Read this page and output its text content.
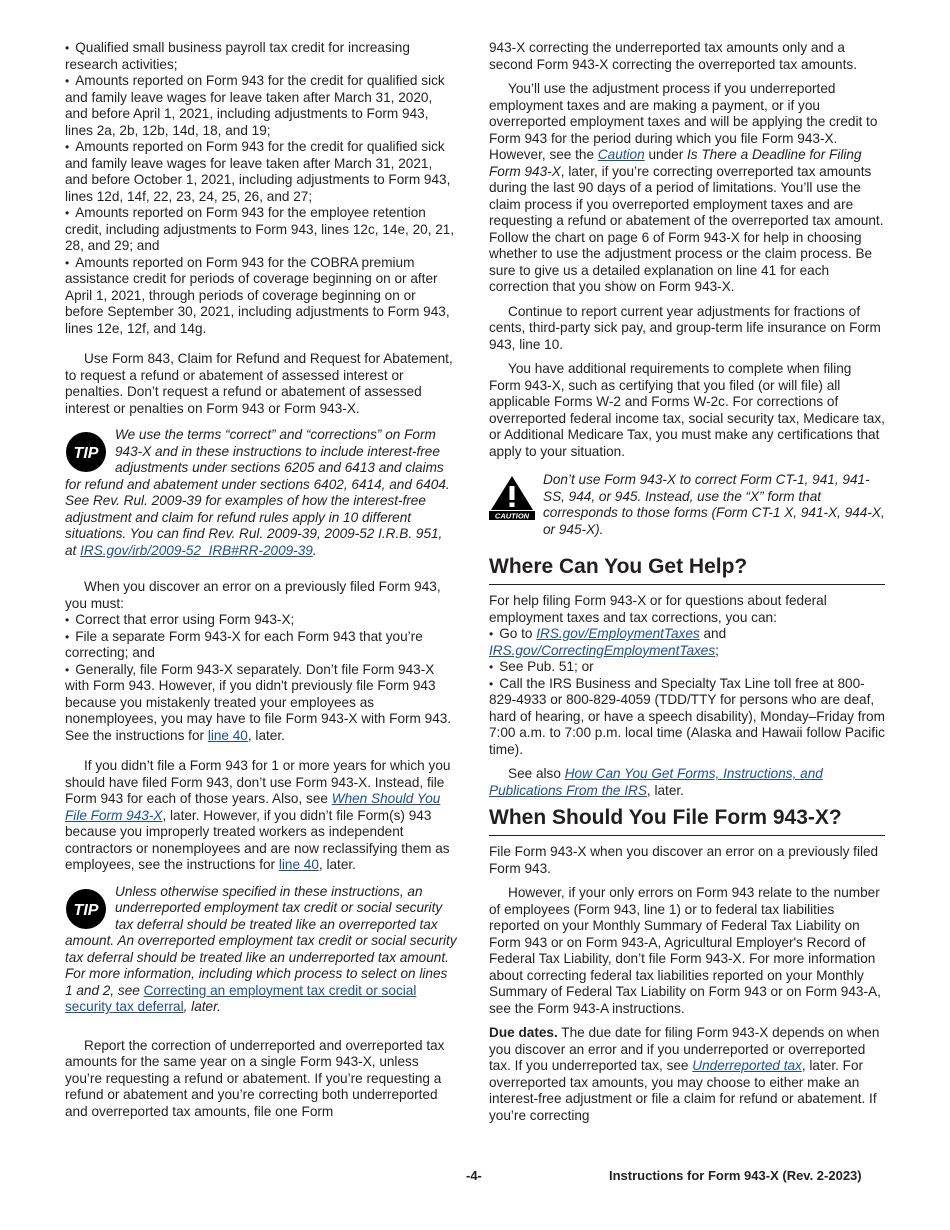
• Qualified small business payroll tax credit for increasing research activities;

• Amounts reported on Form 943 for the credit for qualified sick and family leave wages for leave taken after March 31, 2020, and before April 1, 2021, including adjustments to Form 943, lines 2a, 2b, 12b, 14d, 18, and 19;

• Amounts reported on Form 943 for the credit for qualified sick and family leave wages for leave taken after March 31, 2021, and before October 1, 2021, including adjustments to Form 943, lines 12d, 14f, 22, 23, 24, 25, 26, and 27;

• Amounts reported on Form 943 for the employee retention credit, including adjustments to Form 943, lines 12c, 14e, 20, 21, 28, and 29; and

• Amounts reported on Form 943 for the COBRA premium assistance credit for periods of coverage beginning on or after April 1, 2021, through periods of coverage beginning on or before September 30, 2021, including adjustments to Form 943, lines 12e, 12f, and 14g.

Use Form 843, Claim for Refund and Request for Abatement, to request a refund or abatement of assessed interest or penalties. Don’t request a refund or abatement of assessed interest or penalties on Form 943 or Form 943-X.

TIP
We use the terms “correct” and “corrections” on Form 943-X and in these instructions to include interest-free adjustments under sections 6205 and 6413 and claims for refund and abatement under sections 6402, 6414, and 6404. See Rev. Rul. 2009-39 for examples of how the interest-free adjustment and claim for refund rules apply in 10 different situations. You can find Rev. Rul. 2009-39, 2009-52 I.R.B. 951, at IRS.gov/irb/2009-52_IRB#RR-2009-39.

When you discover an error on a previously filed Form 943, you must:

• Correct that error using Form 943-X;

• File a separate Form 943-X for each Form 943 that you’re correcting; and

• Generally, file Form 943-X separately. Don’t file Form 943-X with Form 943. However, if you didn't previously file Form 943 because you mistakenly treated your employees as nonemployees, you may have to file Form 943-X with Form 943. See the instructions for line 40, later.

If you didn’t file a Form 943 for 1 or more years for which you should have filed Form 943, don’t use Form 943-X. Instead, file Form 943 for each of those years. Also, see When Should You File Form 943-X, later. However, if you didn’t file Form(s) 943 because you improperly treated workers as independent contractors or nonemployees and are now reclassifying them as employees, see the instructions for line 40, later.

TIP
Unless otherwise specified in these instructions, an underreported employment tax credit or social security tax deferral should be treated like an overreported tax amount. An overreported employment tax credit or social security tax deferral should be treated like an underreported tax amount. For more information, including which process to select on lines 1 and 2, see Correcting an employment tax credit or social security tax deferral, later.

Report the correction of underreported and overreported tax amounts for the same year on a single Form 943-X, unless you’re requesting a refund or abatement. If you’re requesting a refund or abatement and you’re correcting both underreported and overreported tax amounts, file one Form

943-X correcting the underreported tax amounts only and a second Form 943-X correcting the overreported tax amounts.

You’ll use the adjustment process if you underreported employment taxes and are making a payment, or if you overreported employment taxes and will be applying the credit to Form 943 for the period during which you file Form 943-X. However, see the Caution under Is There a Deadline for Filing Form 943-X, later, if you’re correcting overreported tax amounts during the last 90 days of a period of limitations. You’ll use the claim process if you overreported employment taxes and are requesting a refund or abatement of the overreported tax amount. Follow the chart on page 6 of Form 943-X for help in choosing whether to use the adjustment process or the claim process. Be sure to give us a detailed explanation on line 41 for each correction that you show on Form 943-X.

Continue to report current year adjustments for fractions of cents, third-party sick pay, and group-term life insurance on Form 943, line 10.

You have additional requirements to complete when filing Form 943-X, such as certifying that you filed (or will file) all applicable Forms W-2 and Forms W-2c. For corrections of overreported federal income tax, social security tax, Medicare tax, or Additional Medicare Tax, you must make any certifications that apply to your situation.

CAUTION
Don’t use Form 943-X to correct Form CT-1, 941, 941-SS, 944, or 945. Instead, use the “X” form that corresponds to those forms (Form CT-1 X, 941-X, 944-X, or 945-X).
Where Can You Get Help?

For help filing Form 943-X or for questions about federal employment taxes and tax corrections, you can:

• Go to IRS.gov/EmploymentTaxes and IRS.gov/CorrectingEmploymentTaxes;

• See Pub. 51; or

• Call the IRS Business and Specialty Tax Line toll free at 800-829-4933 or 800-829-4059 (TDD/TTY for persons who are deaf, hard of hearing, or have a speech disability), Monday–Friday from 7:00 a.m. to 7:00 p.m. local time (Alaska and Hawaii follow Pacific time).

See also How Can You Get Forms, Instructions, and Publications From the IRS, later.

When Should You File Form 943-X?

File Form 943-X when you discover an error on a previously filed Form 943.

However, if your only errors on Form 943 relate to the number of employees (Form 943, line 1) or to federal tax liabilities reported on your Monthly Summary of Federal Tax Liability on Form 943 or on Form 943-A, Agricultural Employer's Record of Federal Tax Liability, don’t file Form 943-X. For more information about correcting federal tax liabilities reported on your Monthly Summary of Federal Tax Liability on Form 943 or on Form 943-A, see the Form 943-A instructions.

Due dates. The due date for filing Form 943-X depends on when you discover an error and if you underreported or overreported tax. If you underreported tax, see Underreported tax, later. For overreported tax amounts, you may choose to either make an interest-free adjustment or file a claim for refund or abatement. If you’re correcting

-4-	Instructions for Form 943-X (Rev. 2-2023)
